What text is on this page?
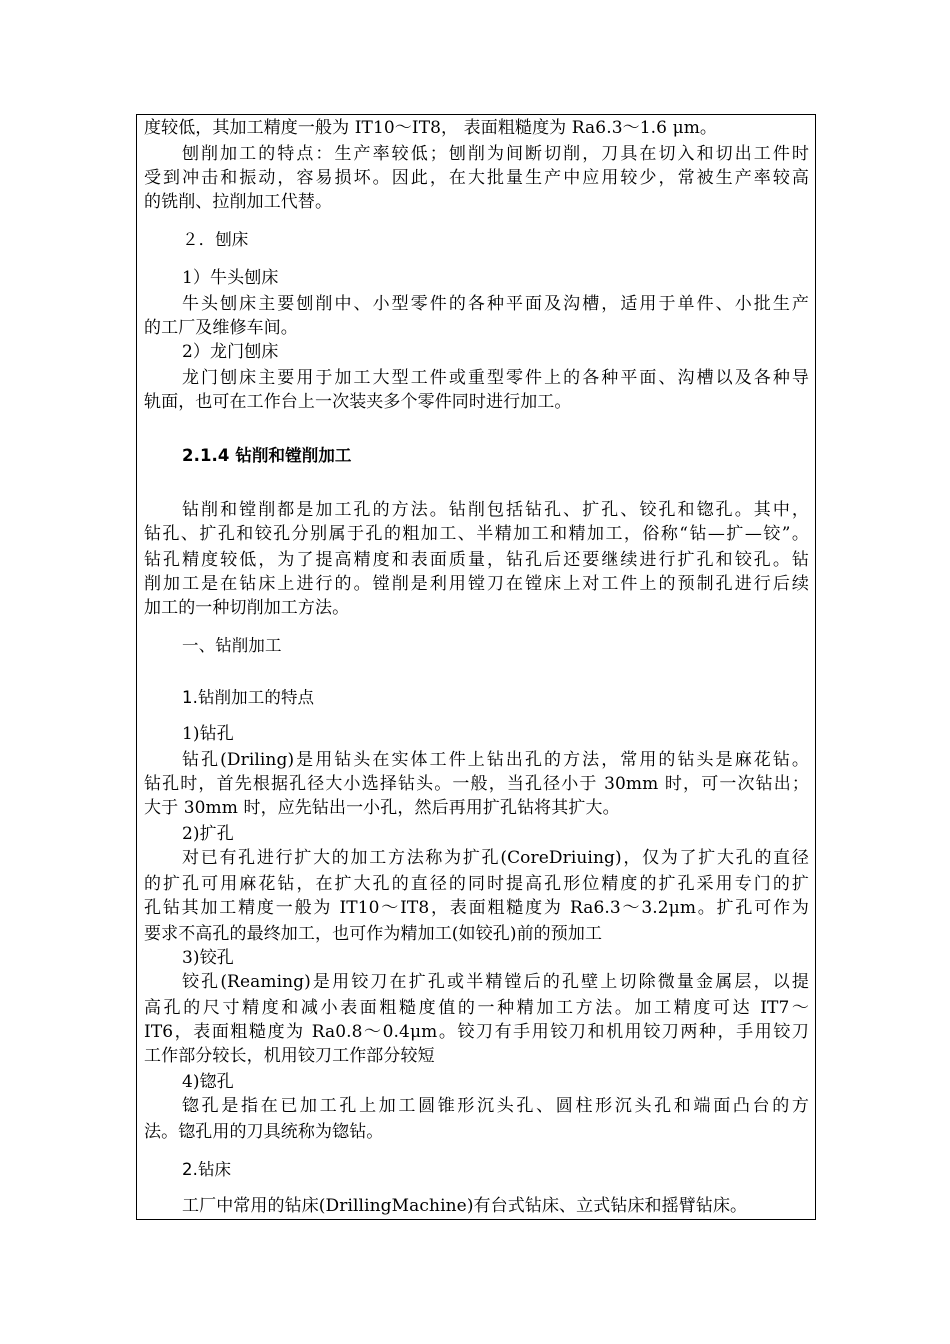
度较低，其加工精度一般为 IT10～IT8， 表面粗糙度为 Ra6.3～1.6 μm。
刨削加工的特点：生产率较低；刨削为间断切削，刀具在切入和切出工件时
受到冲击和振动，容易损坏。因此，在大批量生产中应用较少，常被生产率较高
的铣削、拉削加工代替。
２．刨床
1）牛头刨床
牛头刨床主要刨削中、小型零件的各种平面及沟槽，适用于单件、小批生产
的工厂及维修车间。
2）龙门刨床
龙门刨床主要用于加工大型工件或重型零件上的各种平面、沟槽以及各种导
轨面，也可在工作台上一次装夹多个零件同时进行加工。
2.1.4 钻削和镗削加工
钻削和镗削都是加工孔的方法。钻削包括钻孔、扩孔、铰孔和锪孔。其中，
钻孔、扩孔和铰孔分别属于孔的粗加工、半精加工和精加工，俗称“钻—扩—铰”。
钻孔精度较低，为了提高精度和表面质量，钻孔后还要继续进行扩孔和铰孔。钻
削加工是在钻床上进行的。镗削是利用镗刀在镗床上对工件上的预制孔进行后续
加工的一种切削加工方法。
一、钻削加工
1.钻削加工的特点
1)钻孔
钻孔(Driling)是用钻头在实体工件上钻出孔的方法，常用的钻头是麻花钻。
钻孔时，首先根据孔径大小选择钻头。一般，当孔径小于 30mm 时，可一次钻出；
大于 30mm 时，应先钻出一小孔，然后再用扩孔钻将其扩大。
2)扩孔
对已有孔进行扩大的加工方法称为扩孔(CoreDriuing)，仅为了扩大孔的直径
的扩孔可用麻花钻，在扩大孔的直径的同时提高孔形位精度的扩孔采用专门的扩
孔钻其加工精度一般为 IT10～IT8，表面粗糙度为 Ra6.3～3.2μm。扩孔可作为
要求不高孔的最终加工，也可作为精加工(如铰孔)前的预加工
3)铰孔
铰孔(Reaming)是用铰刀在扩孔或半精镗后的孔壁上切除微量金属层，以提
高孔的尺寸精度和减小表面粗糙度值的一种精加工方法。加工精度可达 IT7～
IT6，表面粗糙度为 Ra0.8～0.4μm。铰刀有手用铰刀和机用铰刀两种，手用铰刀
工作部分较长，机用铰刀工作部分较短
4)锪孔
锪孔是指在已加工孔上加工圆锥形沉头孔、圆柱形沉头孔和端面凸台的方
法。锪孔用的刀具统称为锪钻。
2.钻床
工厂中常用的钻床(DrillingMachine)有台式钻床、立式钻床和摇臂钻床。
